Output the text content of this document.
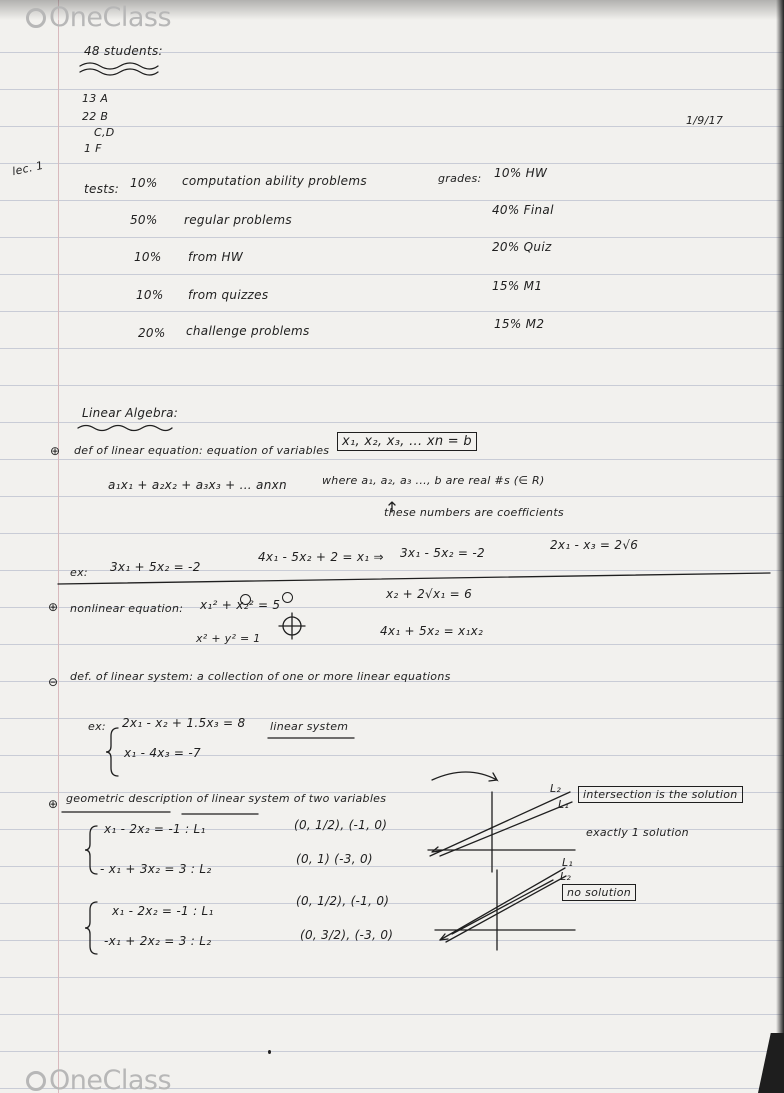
OneClass
OneClass
48 students:
13 A
22 B
C,D
1 F
1/9/17
lec. 1
tests: 10% computation ability problems
50% regular problems
10% from HW
10% from quizzes
20% challenge problems
grades: 10% HW
40% Final
20% Quiz
15% M1
15% M2
Linear Algebra:
⊕ def of linear equation: equation of variables
x₁, x₂, x₃, ... xn = b
a₁x₁ + a₂x₂ + a₃x₃ + ... anxn	where a₁, a₂, a₃ ..., b are real #s (∈ R)
these numbers are coefficients
ex: 3x₁ + 5x₂ = -2
4x₁ - 5x₂ + 2 = x₁ ⇒ 3x₁ - 5x₂ = -2
2x₁ - x₃ = 2√6
⊕ nonlinear equation: x₁² + x₂² = 5
x₂ + 2√x₁ = 6
x² + y² = 1
4x₁ + 5x₂ = x₁x₂
⊖ def. of linear system: a collection of one or more linear equations
ex: 2x₁ - x₂ + 1.5x₃ = 8
x₁ - 4x₃ = -7
linear system
⊕ geometric description of linear system of two variables
x₁ - 2x₂ = -1 : L₁
- x₁ + 3x₂ = 3 : L₂
(0, 1/2), (-1, 0)
(0, 1) (-3, 0)
L₂
L₁
intersection is the solution
exactly 1 solution
x₁ - 2x₂ = -1 : L₁
-x₁ + 2x₂ = 3 : L₂
(0, 1/2), (-1, 0)
(0, 3/2), (-3, 0)
L₁
L₂
no solution
